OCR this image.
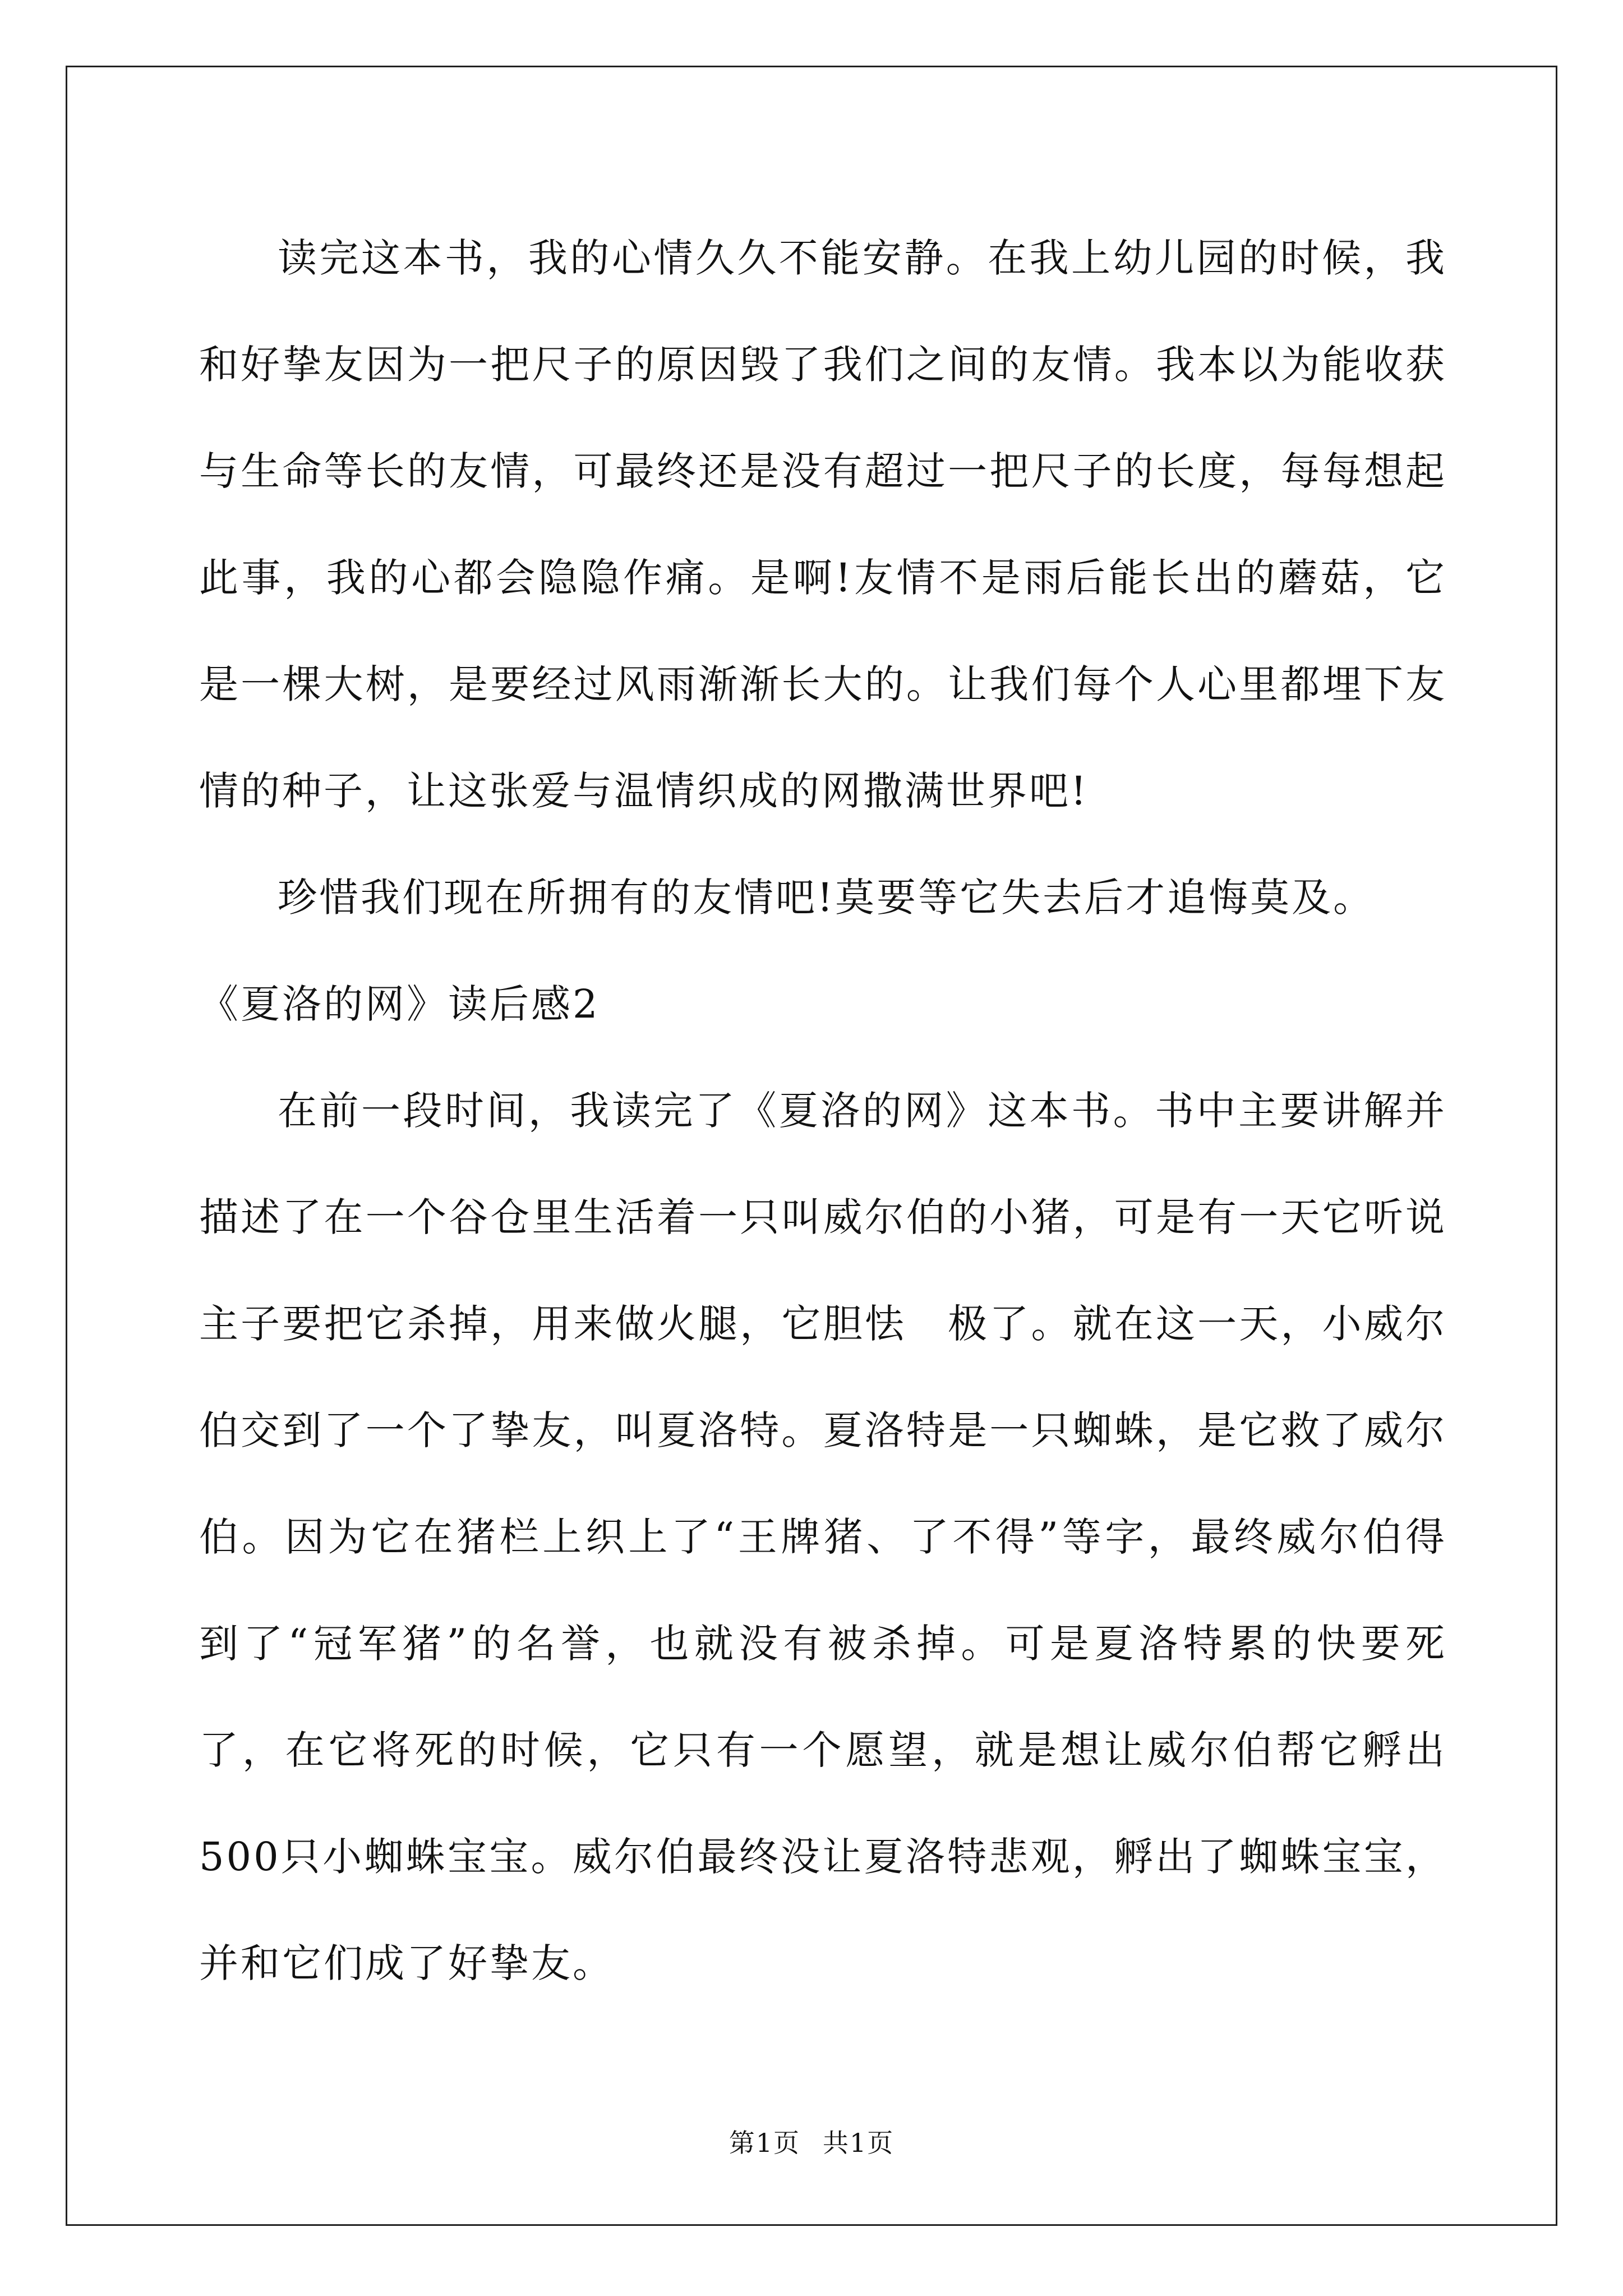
读完这本书，我的心情久久不能安静。在我上幼儿园的时候，我和好挚友因为一把尺子的原因毁了我们之间的友情。我本以为能收获与生命等长的友情，可最终还是没有超过一把尺子的长度，每每想起此事，我的心都会隐隐作痛。是啊!友情不是雨后能长出的蘑菇，它是一棵大树，是要经过风雨渐渐长大的。让我们每个人心里都埋下友情的种子，让这张爱与温情织成的网撒满世界吧!

珍惜我们现在所拥有的友情吧!莫要等它失去后才追悔莫及。

《夏洛的网》读后感2

在前一段时间，我读完了《夏洛的网》这本书。书中主要讲解并描述了在一个谷仓里生活着一只叫威尔伯的小猪，可是有一天它听说主子要把它杀掉，用来做火腿，它胆怯　极了。就在这一天，小威尔伯交到了一个了挚友，叫夏洛特。夏洛特是一只蜘蛛，是它救了威尔伯。因为它在猪栏上织上了“王牌猪、了不得”等字，最终威尔伯得到了“冠军猪”的名誉，也就没有被杀掉。可是夏洛特累的快要死了，在它将死的时候，它只有一个愿望，就是想让威尔伯帮它孵出500只小蜘蛛宝宝。威尔伯最终没让夏洛特悲观，孵出了蜘蛛宝宝，并和它们成了好挚友。

第1页 共1页
